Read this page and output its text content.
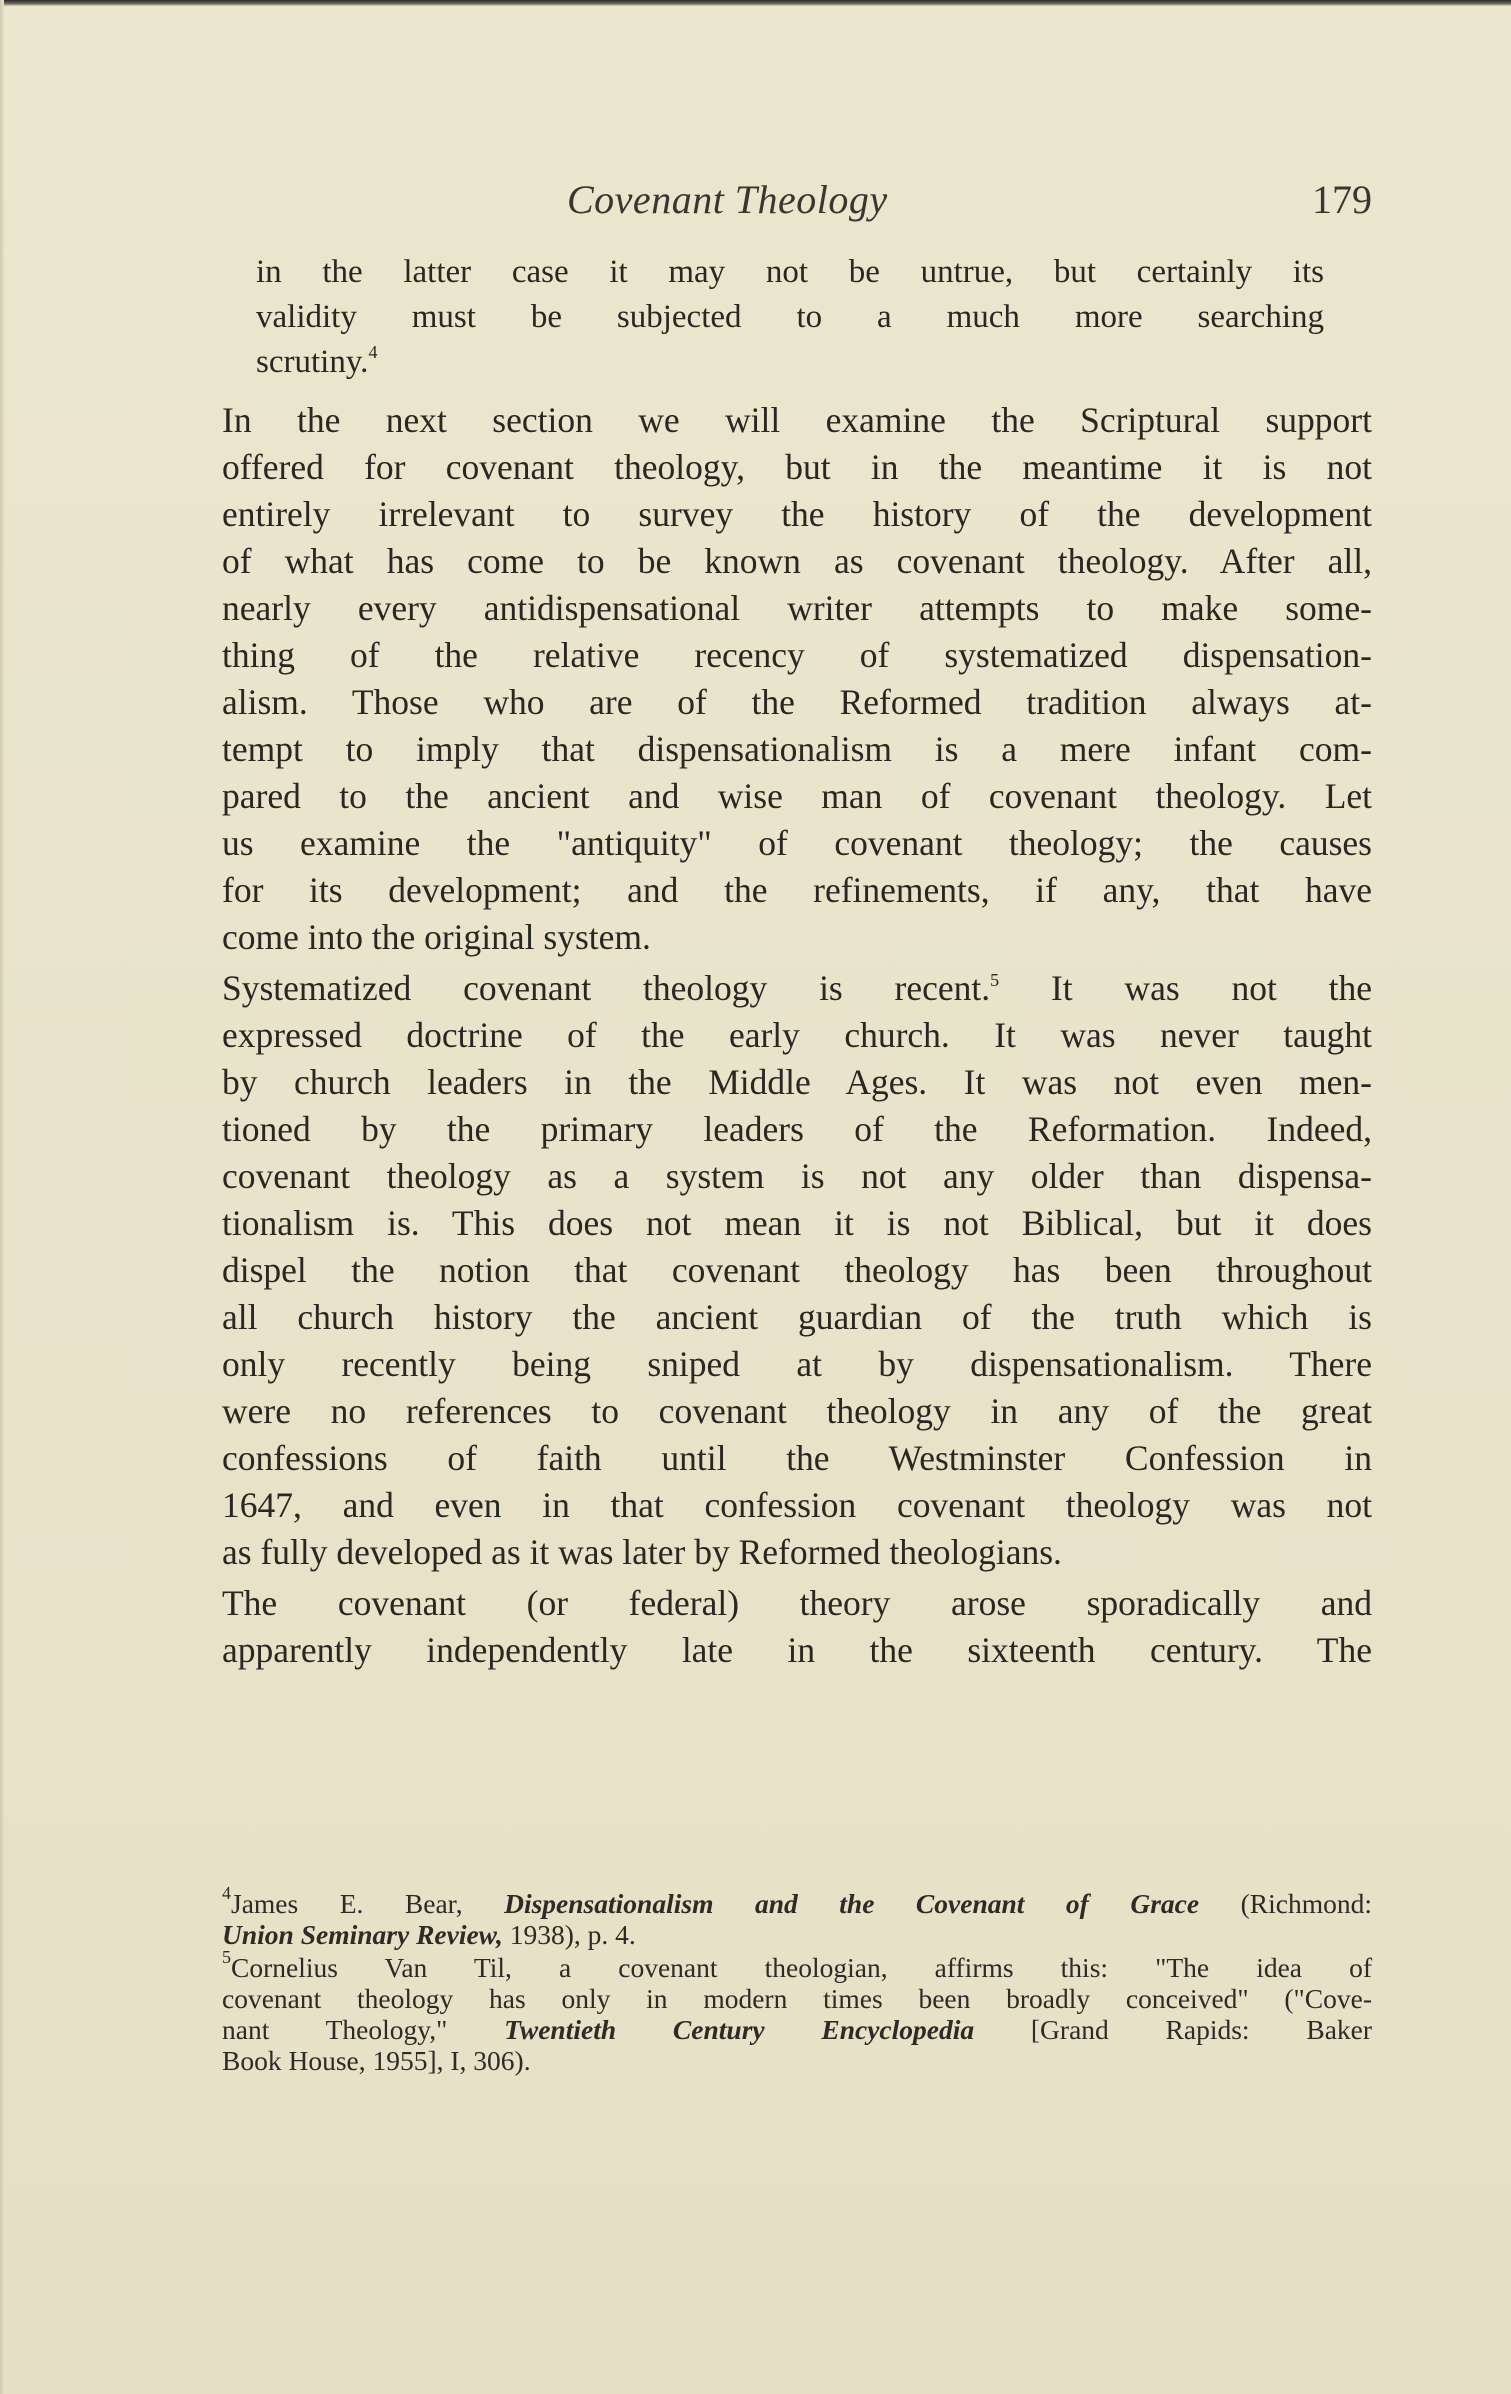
Covenant Theology	179
in the latter case it may not be untrue, but certainly its
validity must be subjected to a much more searching
scrutiny.$^4$
In the next section we will examine the Scriptural support
offered for covenant theology, but in the meantime it is not
entirely irrelevant to survey the history of the development
of what has come to be known as covenant theology. After all,
nearly every antidispensational writer attempts to make some-
thing of the relative recency of systematized dispensation-
alism. Those who are of the Reformed tradition always at-
tempt to imply that dispensationalism is a mere infant com-
pared to the ancient and wise man of covenant theology. Let
us examine the "antiquity" of covenant theology; the causes
for its development; and the refinements, if any, that have
come into the original system.
Systematized covenant theology is recent.$^5$ It was not the
expressed doctrine of the early church. It was never taught
by church leaders in the Middle Ages. It was not even men-
tioned by the primary leaders of the Reformation. Indeed,
covenant theology as a system is not any older than dispensa-
tionalism is. This does not mean it is not Biblical, but it does
dispel the notion that covenant theology has been throughout
all church history the ancient guardian of the truth which is
only recently being sniped at by dispensationalism. There
were no references to covenant theology in any of the great
confessions of faith until the Westminster Confession in
1647, and even in that confession covenant theology was not
as fully developed as it was later by Reformed theologians.
The covenant (or federal) theory arose sporadically and
apparently independently late in the sixteenth century. The
$^4$James E. Bear, Dispensationalism and the Covenant of Grace (Richmond:
Union Seminary Review, 1938), p. 4.
$^5$Cornelius Van Til, a covenant theologian, affirms this: "The idea of
covenant theology has only in modern times been broadly conceived" ("Cove-
nant Theology," Twentieth Century Encyclopedia [Grand Rapids: Baker
Book House, 1955], I, 306).
